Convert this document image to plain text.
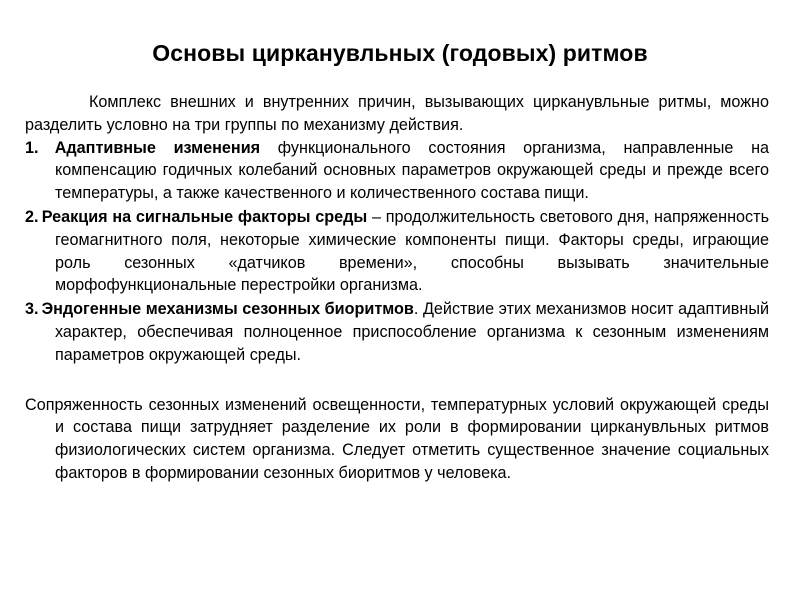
Основы цирканувльных (годовых) ритмов

Комплекс внешних и внутренних причин, вызывающих цирканувльные ритмы, можно разделить условно на три группы по механизму действия.

1. Адаптивные изменения функционального состояния организма, направленные на компенсацию годичных колебаний основных параметров окружающей среды и прежде всего температуры, а также качественного и количественного состава пищи.

2. Реакция на сигнальные факторы среды – продолжительность светового дня, напряженность геомагнитного поля, некоторые химические компоненты пищи. Факторы среды, играющие роль сезонных «датчиков времени», способны вызывать значительные морфофункциональные перестройки организма.

3. Эндогенные механизмы сезонных биоритмов. Действие этих механизмов носит адаптивный характер, обеспечивая полноценное приспособление организма к сезонным изменениям параметров окружающей среды.

Сопряженность сезонных изменений освещенности, температурных условий окружающей среды и состава пищи затрудняет разделение их роли в формировании цирканувльных ритмов физиологических систем организма. Следует отметить существенное значение социальных факторов в формировании сезонных биоритмов у человека.
